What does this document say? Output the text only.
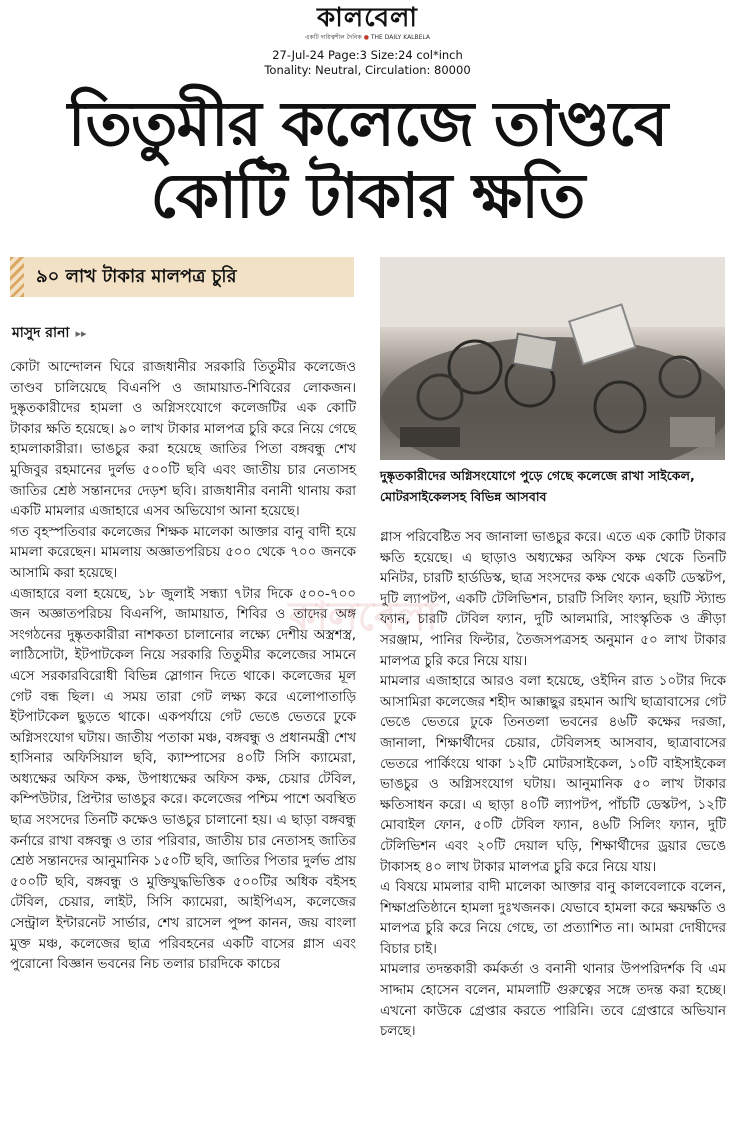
কালবেলা
একটি দায়িত্বশীল দৈনিক ● THE DAILY KALBELA
27-Jul-24 Page:3 Size:24 col*inch
Tonality: Neutral, Circulation: 80000
তিতুমীর কলেজে তাণ্ডবে
কোটি টাকার ক্ষতি
৯০ লাখ টাকার মালপত্র চুরি
মাসুদ রানা ▸▸

কোটা আন্দোলন ঘিরে রাজধানীর সরকারি তিতুমীর কলেজেও তাণ্ডব চালিয়েছে বিএনপি ও জামায়াত-শিবিরের লোকজন। দুষ্কৃতকারীদের হামলা ও অগ্নিসংযোগে কলেজটির এক কোটি টাকার ক্ষতি হয়েছে। ৯০ লাখ টাকার মালপত্র চুরি করে নিয়ে গেছে হামলাকারীরা। ভাঙচুর করা হয়েছে জাতির পিতা বঙ্গবন্ধু শেখ মুজিবুর রহমানের দুর্লভ ৫০০টি ছবি এবং জাতীয় চার নেতাসহ জাতির শ্রেষ্ঠ সন্তানদের দেড়শ ছবি। রাজধানীর বনানী থানায় করা একটি মামলার এজাহারে এসব অভিযোগ আনা হয়েছে।

গত বৃহস্পতিবার কলেজের শিক্ষক মালেকা আক্তার বানু বাদী হয়ে মামলা করেছেন। মামলায় অজ্ঞাতপরিচয় ৫০০ থেকে ৭০০ জনকে আসামি করা হয়েছে।

এজাহারে বলা হয়েছে, ১৮ জুলাই সন্ধ্যা ৭টার দিকে ৫০০-৭০০ জন অজ্ঞাতপরিচয় বিএনপি, জামায়াত, শিবির ও তাদের অঙ্গ সংগঠনের দুষ্কৃতকারীরা নাশকতা চালানোর লক্ষ্যে দেশীয় অস্ত্রশস্ত্র, লাঠিসোটা, ইটপাটকেল নিয়ে সরকারি তিতুমীর কলেজের সামনে এসে সরকারবিরোধী বিভিন্ন স্লোগান দিতে থাকে। কলেজের মূল গেট বন্ধ ছিল। এ সময় তারা গেট লক্ষ্য করে এলোপাতাড়ি ইটপাটকেল ছুড়তে থাকে। একপর্যায়ে গেট ভেঙে ভেতরে ঢুকে অগ্নিসংযোগ ঘটায়। জাতীয় পতাকা মঞ্চ, বঙ্গবন্ধু ও প্রধানমন্ত্রী শেখ হাসিনার অফিসিয়াল ছবি, ক্যাম্পাসের ৪০টি সিসি ক্যামেরা, অধ্যক্ষের অফিস কক্ষ, উপাধ্যক্ষের অফিস কক্ষ, চেয়ার টেবিল, কম্পিউটার, প্রিন্টার ভাঙচুর করে। কলেজের পশ্চিম পাশে অবস্থিত ছাত্র সংসদের তিনটি কক্ষেও ভাঙচুর চালানো হয়। এ ছাড়া বঙ্গবন্ধু কর্নারে রাখা বঙ্গবন্ধু ও তার পরিবার, জাতীয় চার নেতাসহ জাতির শ্রেষ্ঠ সন্তানদের আনুমানিক ১৫০টি ছবি, জাতির পিতার দুর্লভ প্রায় ৫০০টি ছবি, বঙ্গবন্ধু ও মুক্তিযুদ্ধভিত্তিক ৫০০টির অধিক বইসহ টেবিল, চেয়ার, লাইট, সিসি ক্যামেরা, আইপিএস, কলেজের সেন্ট্রাল ইন্টারনেট সার্ভার, শেখ রাসেল পুষ্প কানন, জয় বাংলা মুক্ত মঞ্চ, কলেজের ছাত্র পরিবহনের একটি বাসের গ্লাস এবং পুরোনো বিজ্ঞান ভবনের নিচ তলার চারদিকে কাচের

দুষ্কৃতকারীদের অগ্নিসংযোগে পুড়ে গেছে কলেজে রাখা সাইকেল, মোটরসাইকেলসহ বিভিন্ন আসবাব
কালবেলা

গ্লাস পরিবেষ্টিত সব জানালা ভাঙচুর করে। এতে এক কোটি টাকার ক্ষতি হয়েছে। এ ছাড়াও অধ্যক্ষের অফিস কক্ষ থেকে তিনটি মনিটর, চারটি হার্ডডিস্ক, ছাত্র সংসদের কক্ষ থেকে একটি ডেস্কটপ, দুটি ল্যাপটপ, একটি টেলিভিশন, চারটি সিলিং ফ্যান, ছয়টি স্ট্যান্ড ফ্যান, চারটি টেবিল ফ্যান, দুটি আলমারি, সাংস্কৃতিক ও ক্রীড়া সরঞ্জাম, পানির ফিল্টার, তৈজসপত্রসহ অনুমান ৫০ লাখ টাকার মালপত্র চুরি করে নিয়ে যায়।

মামলার এজাহারে আরও বলা হয়েছে, ওইদিন রাত ১০টার দিকে আসামিরা কলেজের শহীদ আক্কাছুর রহমান আখি ছাত্রাবাসের গেট ভেঙে ভেতরে ঢুকে তিনতলা ভবনের ৪৬টি কক্ষের দরজা, জানালা, শিক্ষার্থীদের চেয়ার, টেবিলসহ আসবাব, ছাত্রাবাসের ভেতরে পার্কিংয়ে থাকা ১২টি মোটরসাইকেল, ১০টি বাইসাইকেল ভাঙচুর ও অগ্নিসংযোগ ঘটায়। আনুমানিক ৫০ লাখ টাকার ক্ষতিসাধন করে। এ ছাড়া ৪০টি ল্যাপটপ, পাঁচটি ডেস্কটপ, ১২টি মোবাইল ফোন, ৫০টি টেবিল ফ্যান, ৪৬টি সিলিং ফ্যান, দুটি টেলিভিশন এবং ২০টি দেয়াল ঘড়ি, শিক্ষার্থীদের ড্রয়ার ভেঙে টাকাসহ ৪০ লাখ টাকার মালপত্র চুরি করে নিয়ে যায়।

এ বিষয়ে মামলার বাদী মালেকা আক্তার বানু কালবেলাকে বলেন, শিক্ষাপ্রতিষ্ঠানে হামলা দুঃখজনক। যেভাবে হামলা করে ক্ষয়ক্ষতি ও মালপত্র চুরি করে নিয়ে গেছে, তা প্রত্যাশিত না। আমরা দোষীদের বিচার চাই।

মামলার তদন্তকারী কর্মকর্তা ও বনানী থানার উপপরিদর্শক বি এম সাদ্দাম হোসেন বলেন, মামলাটি গুরুত্বের সঙ্গে তদন্ত করা হচ্ছে। এখনো কাউকে গ্রেপ্তার করতে পারিনি। তবে গ্রেপ্তারে অভিযান চলছে।
